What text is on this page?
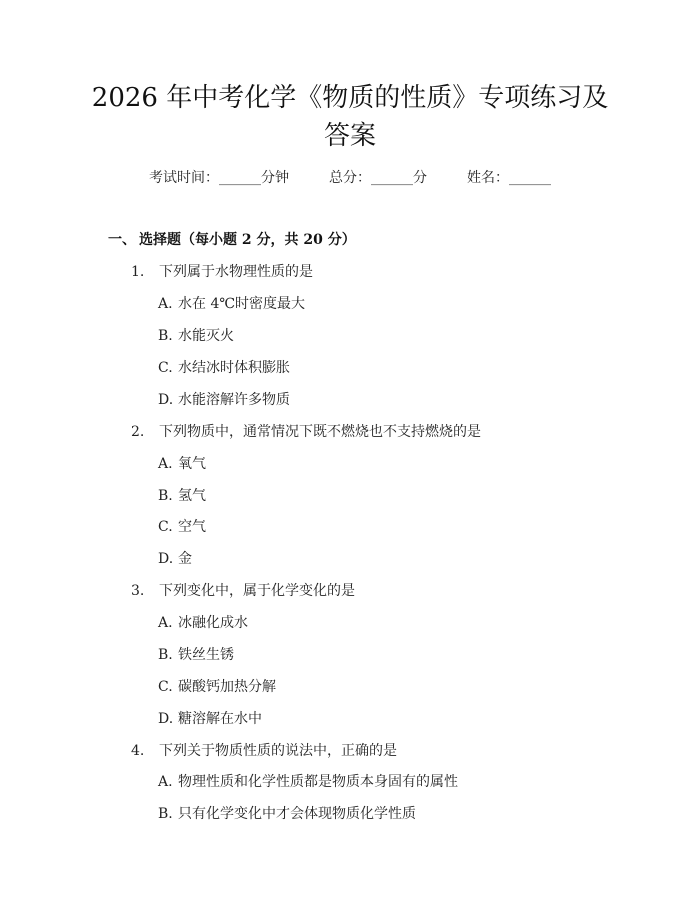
2026 年中考化学《物质的性质》专项练习及
答案
考试时间：______分钟	总分：______分	姓名：______
一、 选择题（每小题 2 分，共 20 分）
1. 下列属于水物理性质的是
A. 水在 4℃时密度最大
B. 水能灭火
C. 水结冰时体积膨胀
D. 水能溶解许多物质
2. 下列物质中，通常情况下既不燃烧也不支持燃烧的是
A. 氧气
B. 氢气
C. 空气
D. 金
3. 下列变化中，属于化学变化的是
A. 冰融化成水
B. 铁丝生锈
C. 碳酸钙加热分解
D. 糖溶解在水中
4. 下列关于物质性质的说法中，正确的是
A. 物理性质和化学性质都是物质本身固有的属性
B. 只有化学变化中才会体现物质化学性质
